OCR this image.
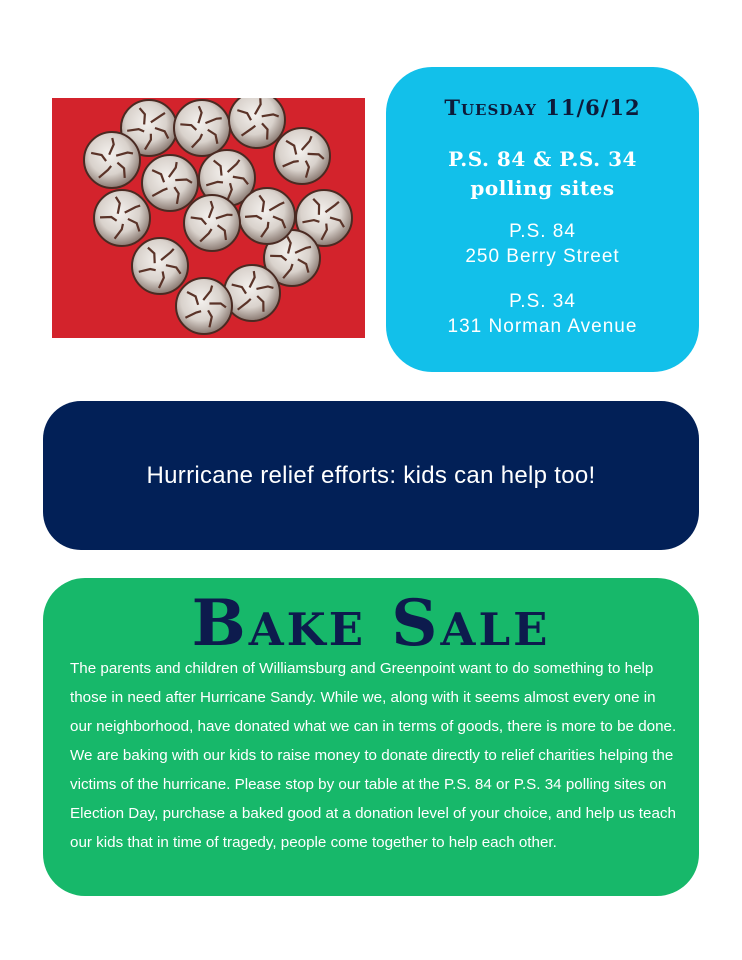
Tuesday 11/6/12
P.S. 84 & P.S. 34
polling sites
P.S. 84
250 Berry Street
P.S. 34
131 Norman Avenue
Hurricane relief efforts: kids can help too!
Bake Sale
The parents and children of Williamsburg and Greenpoint want to do something to help those in need after Hurricane Sandy. While we, along with it seems almost every one in our neighborhood, have donated what we can in terms of goods, there is more to be done. We are baking with our kids to raise money to donate directly to relief charities helping the victims of the hurricane. Please stop by our table at the P.S. 84 or P.S. 34 polling sites on Election Day, purchase a baked good at a donation level of your choice, and help us teach our kids that in time of tragedy, people come together to help each other.
